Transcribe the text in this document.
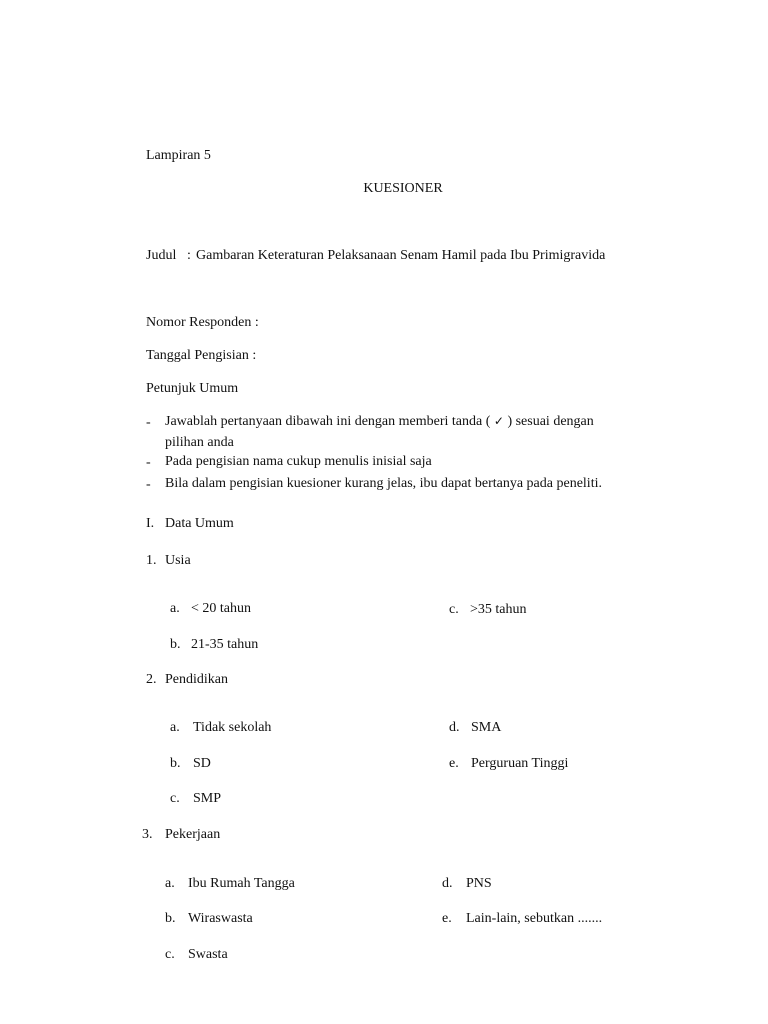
Lampiran 5
KUESIONER
Judul : Gambaran Keteraturan Pelaksanaan Senam Hamil pada Ibu Primigravida
Nomor Responden :
Tanggal Pengisian :
Petunjuk Umum
- Jawablah pertanyaan dibawah ini dengan memberi tanda ( ✓ ) sesuai dengan
pilihan anda
- Pada pengisian nama cukup menulis inisial saja
- Bila dalam pengisian kuesioner kurang jelas, ibu dapat bertanya pada peneliti.
I. Data Umum
1. Usia
a. < 20 tahun
b. 21-35 tahun
c. >35 tahun
2. Pendidikan
a. Tidak sekolah
b. SD
c. SMP
d. SMA
e. Perguruan Tinggi
3. Pekerjaan
a. Ibu Rumah Tangga
b. Wiraswasta
c. Swasta
d. PNS
e. Lain-lain, sebutkan .......
